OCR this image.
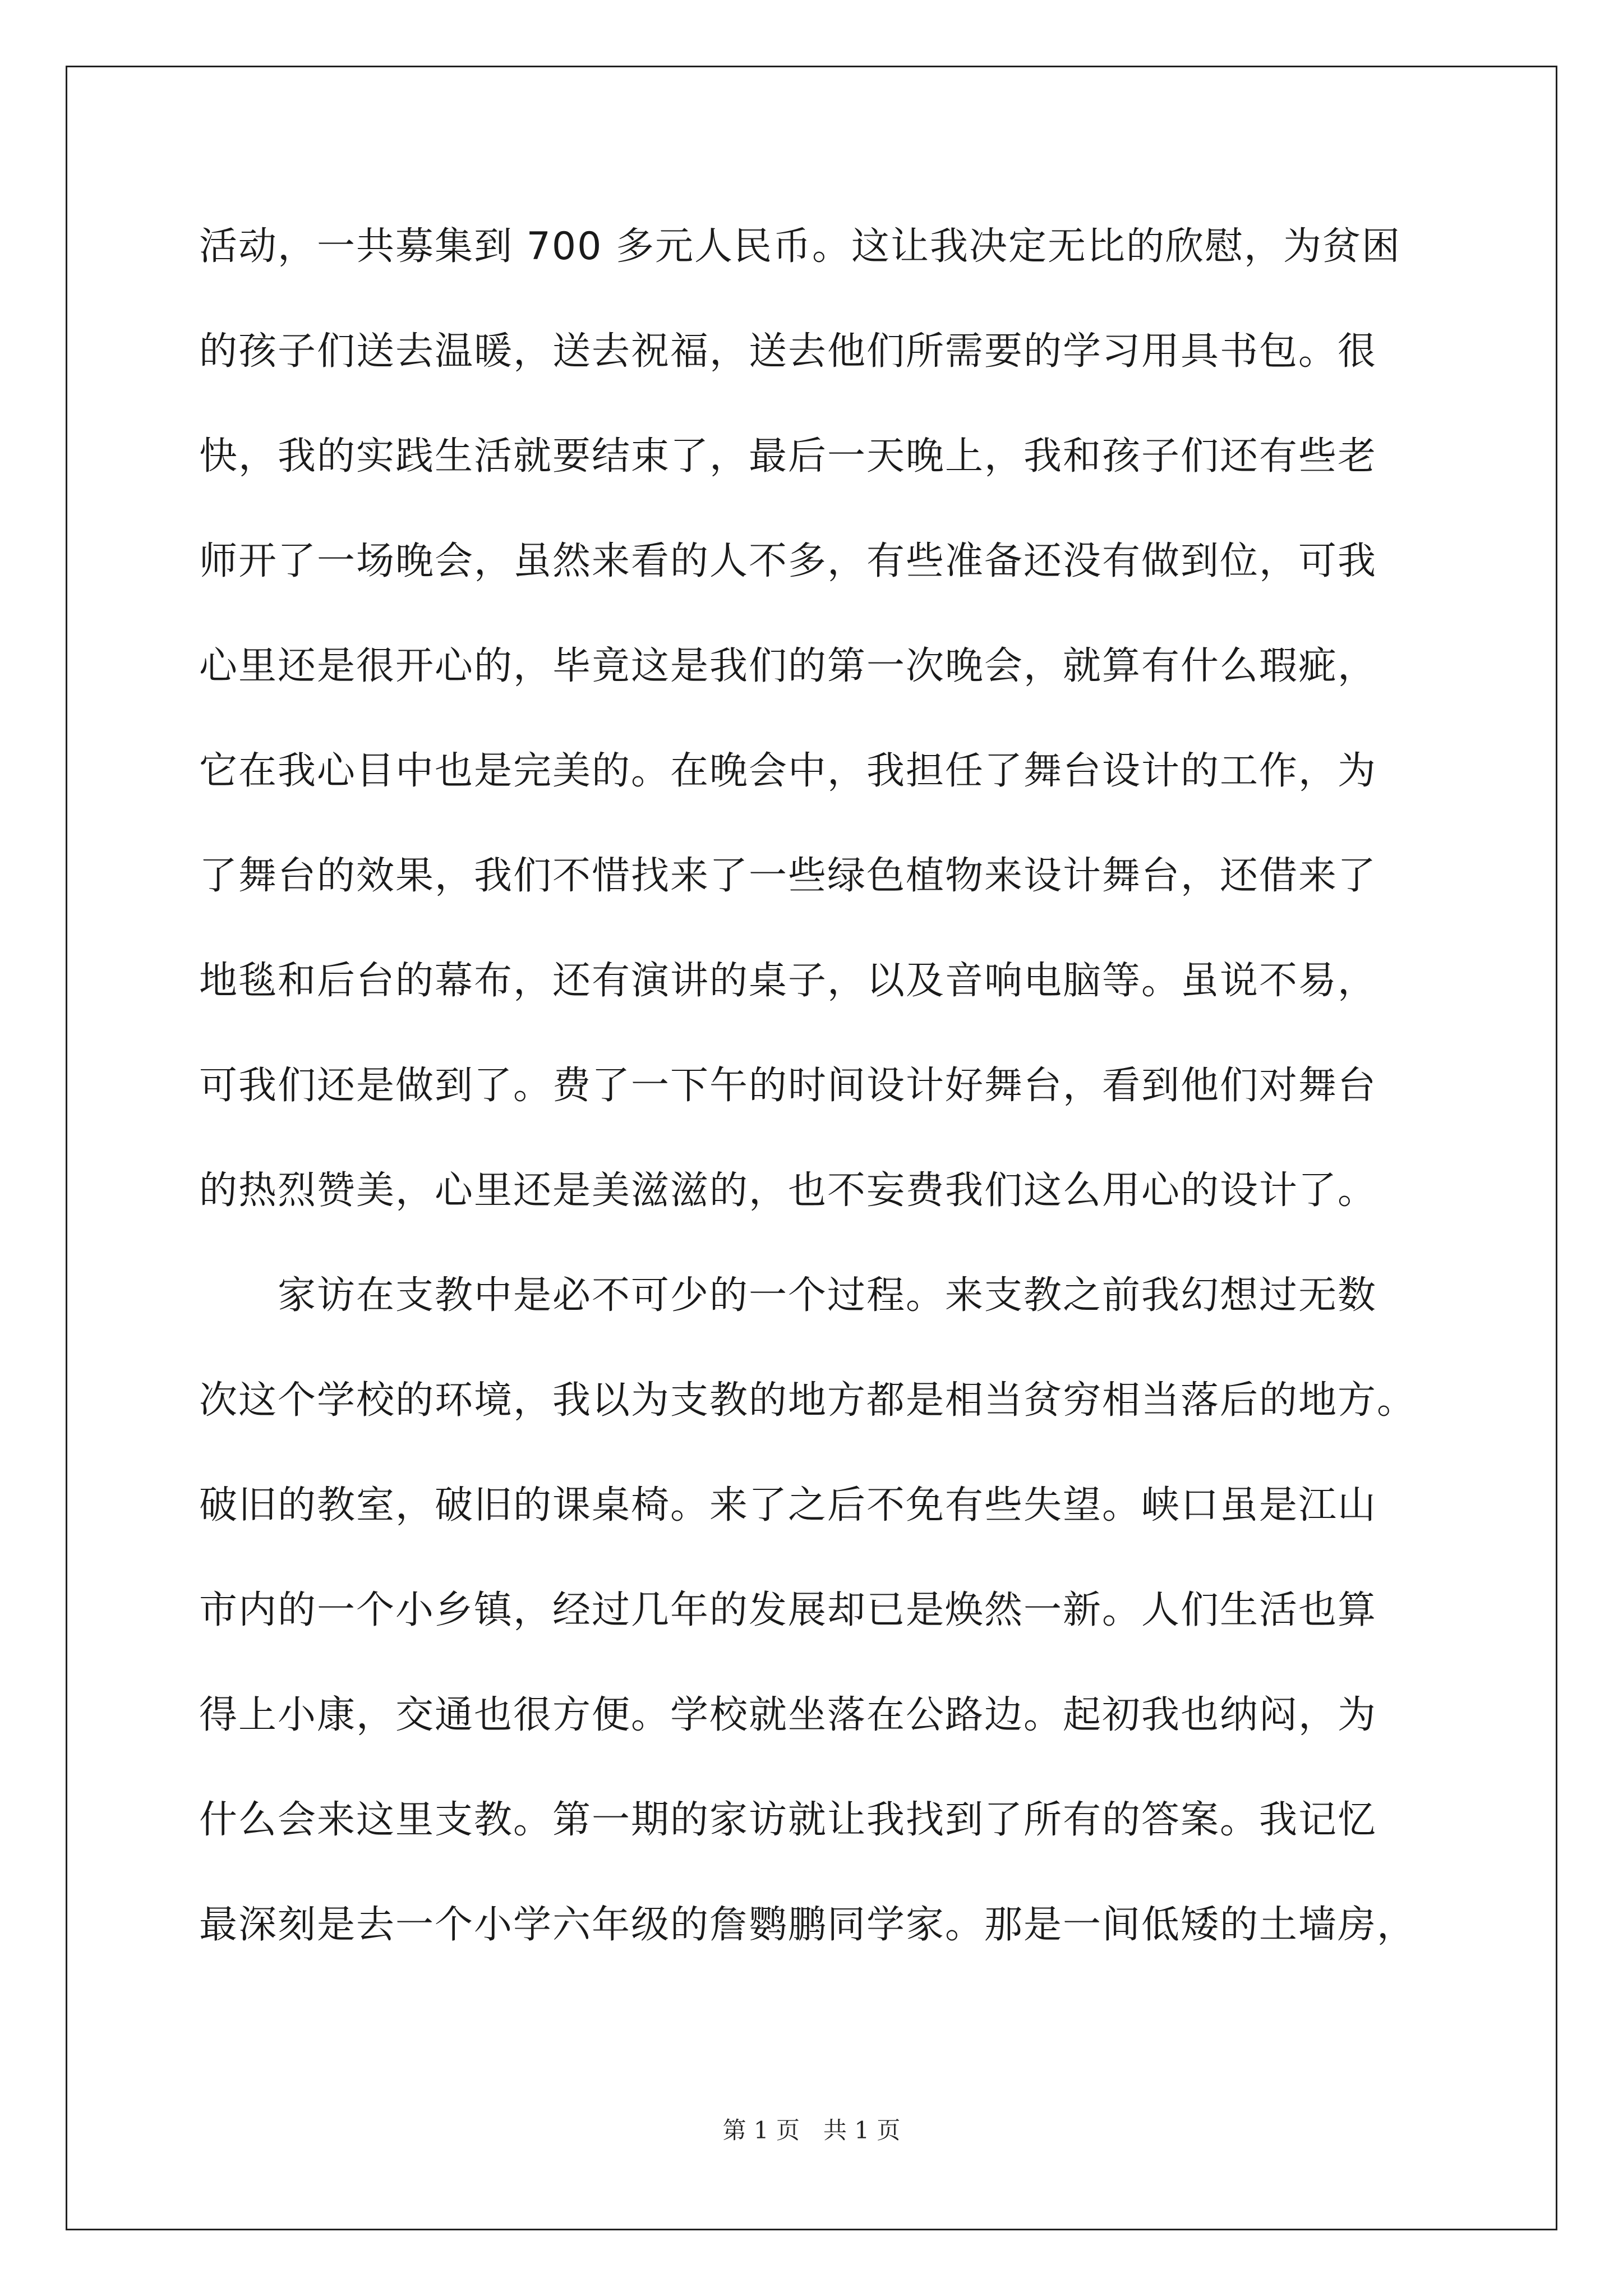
活动，一共募集到 700 多元人民币。这让我决定无比的欣慰，为贫困
的孩子们送去温暖，送去祝福，送去他们所需要的学习用具书包。很
快，我的实践生活就要结束了，最后一天晚上，我和孩子们还有些老
师开了一场晚会，虽然来看的人不多，有些准备还没有做到位，可我
心里还是很开心的，毕竟这是我们的第一次晚会，就算有什么瑕疵，
它在我心目中也是完美的。在晚会中，我担任了舞台设计的工作，为
了舞台的效果，我们不惜找来了一些绿色植物来设计舞台，还借来了
地毯和后台的幕布，还有演讲的桌子，以及音响电脑等。虽说不易，
可我们还是做到了。费了一下午的时间设计好舞台，看到他们对舞台
的热烈赞美，心里还是美滋滋的，也不妄费我们这么用心的设计了。
　　家访在支教中是必不可少的一个过程。来支教之前我幻想过无数
次这个学校的环境，我以为支教的地方都是相当贫穷相当落后的地方。
破旧的教室，破旧的课桌椅。来了之后不免有些失望。峡口虽是江山
市内的一个小乡镇，经过几年的发展却已是焕然一新。人们生活也算
得上小康，交通也很方便。学校就坐落在公路边。起初我也纳闷，为
什么会来这里支教。第一期的家访就让我找到了所有的答案。我记忆
最深刻是去一个小学六年级的詹鹦鹏同学家。那是一间低矮的土墙房，
第 1 页　共 1 页
